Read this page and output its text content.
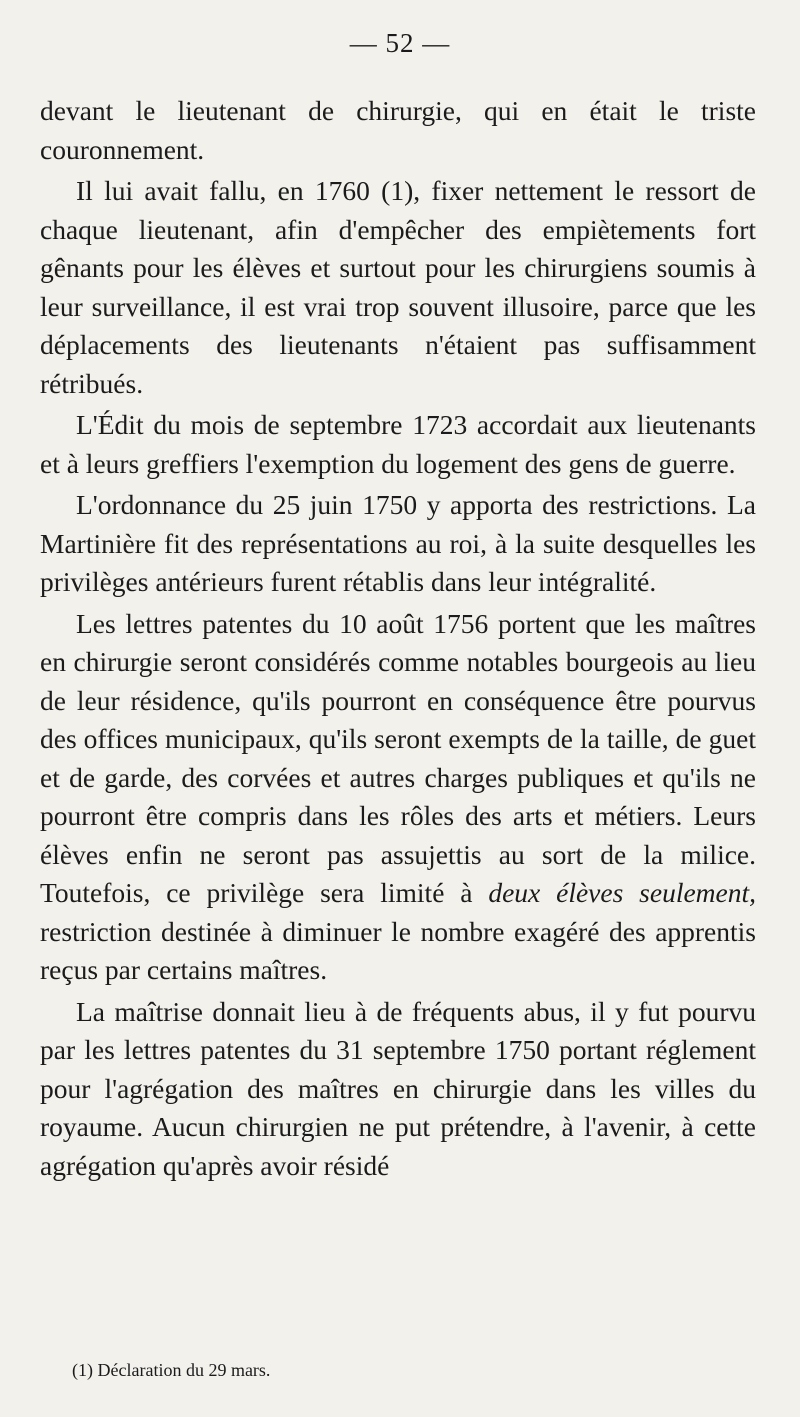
— 52 —

devant le lieutenant de chirurgie, qui en était le triste couronnement.

Il lui avait fallu, en 1760 (1), fixer nettement le ressort de chaque lieutenant, afin d'empêcher des empiètements fort gênants pour les élèves et surtout pour les chirurgiens soumis à leur surveillance, il est vrai trop souvent illusoire, parce que les déplacements des lieutenants n'étaient pas suffisamment rétribués.

L'Édit du mois de septembre 1723 accordait aux lieutenants et à leurs greffiers l'exemption du logement des gens de guerre.

L'ordonnance du 25 juin 1750 y apporta des restrictions. La Martinière fit des représentations au roi, à la suite desquelles les privilèges antérieurs furent rétablis dans leur intégralité.

Les lettres patentes du 10 août 1756 portent que les maîtres en chirurgie seront considérés comme notables bourgeois au lieu de leur résidence, qu'ils pourront en conséquence être pourvus des offices municipaux, qu'ils seront exempts de la taille, de guet et de garde, des corvées et autres charges publiques et qu'ils ne pourront être compris dans les rôles des arts et métiers. Leurs élèves enfin ne seront pas assujettis au sort de la milice. Toutefois, ce privilège sera limité à deux élèves seulement, restriction destinée à diminuer le nombre exagéré des apprentis reçus par certains maîtres.

La maîtrise donnait lieu à de fréquents abus, il y fut pourvu par les lettres patentes du 31 septembre 1750 portant réglement pour l'agrégation des maîtres en chirurgie dans les villes du royaume. Aucun chirurgien ne put prétendre, à l'avenir, à cette agrégation qu'après avoir résidé

(1) Déclaration du 29 mars.
